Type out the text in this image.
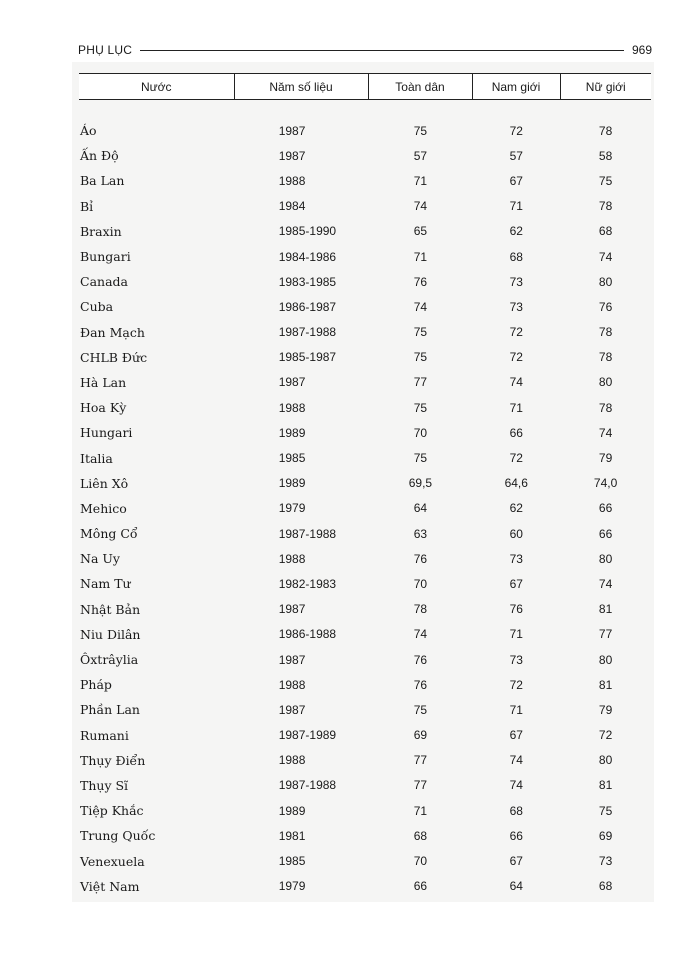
PHỤ LỤC	969
Nước	Năm số liệu	Toàn dân	Nam giới	Nữ giới
Áo	1987	75	72	78
Ấn Độ	1987	57	57	58
Ba Lan	1988	71	67	75
Bỉ	1984	74	71	78
Braxin	1985-1990	65	62	68
Bungari	1984-1986	71	68	74
Canada	1983-1985	76	73	80
Cuba	1986-1987	74	73	76
Đan Mạch	1987-1988	75	72	78
CHLB Đức	1985-1987	75	72	78
Hà Lan	1987	77	74	80
Hoa Kỳ	1988	75	71	78
Hungari	1989	70	66	74
Italia	1985	75	72	79
Liên Xô	1989	69,5	64,6	74,0
Mehico	1979	64	62	66
Mông Cổ	1987-1988	63	60	66
Na Uy	1988	76	73	80
Nam Tư	1982-1983	70	67	74
Nhật Bản	1987	78	76	81
Niu Dilân	1986-1988	74	71	77
Ôxtrâylia	1987	76	73	80
Pháp	1988	76	72	81
Phần Lan	1987	75	71	79
Rumani	1987-1989	69	67	72
Thụy Điển	1988	77	74	80
Thụy Sĩ	1987-1988	77	74	81
Tiệp Khắc	1989	71	68	75
Trung Quốc	1981	68	66	69
Venexuela	1985	70	67	73
Việt Nam	1979	66	64	68
